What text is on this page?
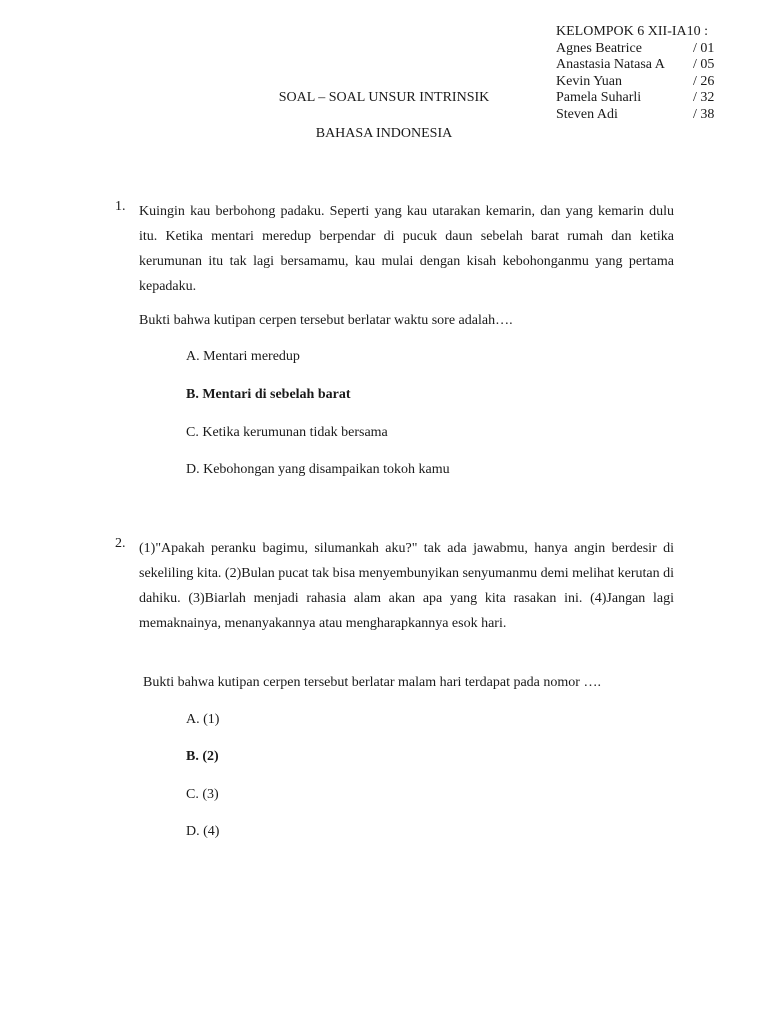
KELOMPOK 6 XII-IA10 :
Agnes Beatrice	/ 01
Anastasia Natasa A	/ 05
Kevin Yuan	/ 26
Pamela Suharli	/ 32
Steven Adi	/ 38
SOAL – SOAL UNSUR INTRINSIK
BAHASA INDONESIA
1. Kuingin kau berbohong padaku. Seperti yang kau utarakan kemarin, dan yang kemarin dulu itu. Ketika mentari meredup berpendar di pucuk daun sebelah barat rumah dan ketika kerumunan itu tak lagi bersamamu, kau mulai dengan kisah kebohonganmu yang pertama kepadaku.

Bukti bahwa kutipan cerpen tersebut berlatar waktu sore adalah….
A. Mentari meredup
B. Mentari di sebelah barat
C. Ketika kerumunan tidak bersama
D. Kebohongan yang disampaikan tokoh kamu
2. (1)"Apakah peranku bagimu, silumankah aku?" tak ada jawabmu, hanya angin berdesir di sekeliling kita. (2)Bulan pucat tak bisa menyembunyikan senyumanmu demi melihat kerutan di dahiku. (3)Biarlah menjadi rahasia alam akan apa yang kita rasakan ini. (4)Jangan lagi memaknainya, menanyakannya atau mengharapkannya esok hari.

Bukti bahwa kutipan cerpen tersebut berlatar malam hari terdapat pada nomor ….
A. (1)
B. (2)
C. (3)
D. (4)
